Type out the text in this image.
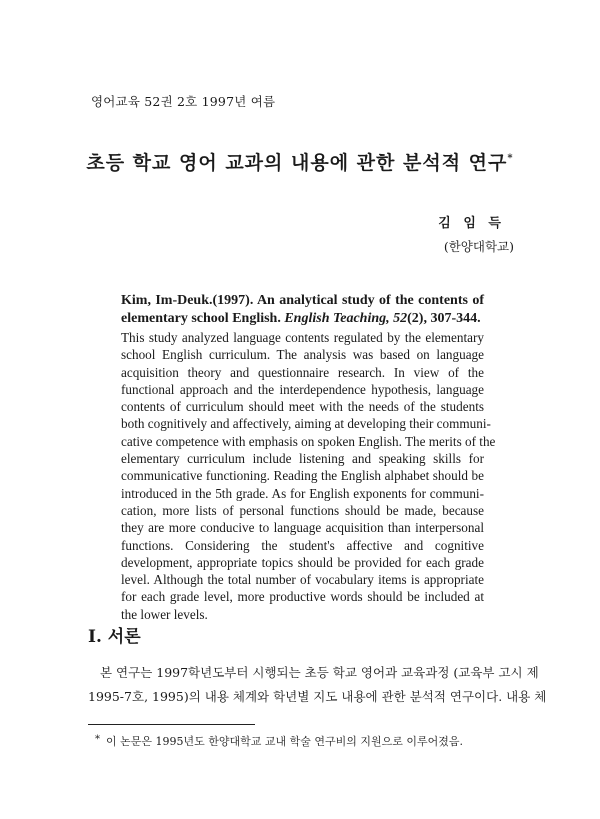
영어교육 52권 2호 1997년 여름
초등 학교 영어 교과의 내용에 관한 분석적 연구*
김 임 득
(한양대학교)
Kim, Im-Deuk.(1997). An analytical study of the contents of elementary school English. English Teaching, 52(2), 307-344.
This study analyzed language contents regulated by the elementary
school English curriculum. The analysis was based on language
acquisition theory and questionnaire research. In view of the
functional approach and the interdependence hypothesis, language
contents of curriculum should meet with the needs of the students
both cognitively and affectively, aiming at developing their communi-
cative competence with emphasis on spoken English. The merits of the
elementary curriculum include listening and speaking skills for
communicative functioning. Reading the English alphabet should be
introduced in the 5th grade. As for English exponents for communi-
cation, more lists of personal functions should be made, because
they are more conducive to language acquisition than interpersonal
functions. Considering the student's affective and cognitive
development, appropriate topics should be provided for each grade
level. Although the total number of vocabulary items is appropriate
for each grade level, more productive words should be included at
the lower levels.
I. 서론
본 연구는 1997학년도부터 시행되는 초등 학교 영어과 교육과정 (교육부 고시 제
1995-7호, 1995)의 내용 체계와 학년별 지도 내용에 관한 분석적 연구이다. 내용 체
* 이 논문은 1995년도 한양대학교 교내 학술 연구비의 지원으로 이루어졌음.
